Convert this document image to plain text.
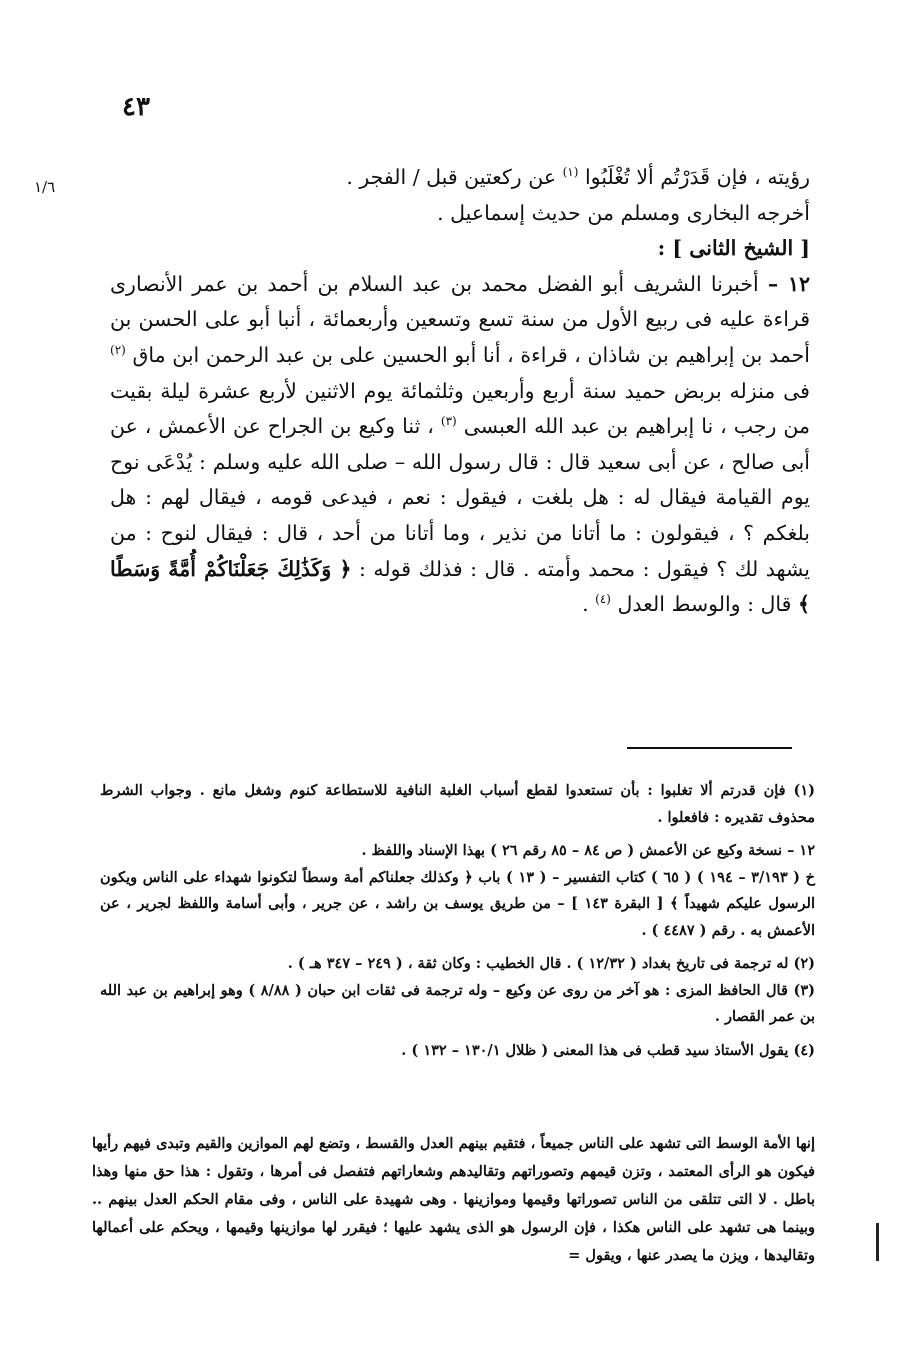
٤٣
١/٦	رؤيته ، فإن قَدَرْتُم ألا تُغْلَبُوا $^{(١)}$ عن ركعتين قبل / الفجر .

أخرجه البخارى ومسلم من حديث إسماعيل .

[ الشيخ الثانى ] :

١٢ – أخبرنا الشريف أبو الفضل محمد بن عبد السلام بن أحمد بن عمر الأنصارى قراءة عليه فى ربيع الأول من سنة تسع وتسعين وأربعمائة ، أنبا أبو على الحسن بن أحمد بن إبراهيم بن شاذان ، قراءة ، أنا أبو الحسين على بن عبد الرحمن ابن ماق $^{(٢)}$ فى منزله بربض حميد سنة أربع وأربعين وثلثمائة يوم الاثنين لأربع عشرة ليلة بقيت من رجب ، نا إبراهيم بن عبد الله العبسى $^{(٣)}$ ، ثنا وكيع بن الجراح عن الأعمش ، عن أبى صالح ، عن أبى سعيد قال : قال رسول الله – صلى الله عليه وسلم : يُدْعَى نوح يوم القيامة فيقال له : هل بلغت ، فيقول : نعم ، فيدعى قومه ، فيقال لهم : هل بلغكم ؟ ، فيقولون : ما أتانا من نذير ، وما أتانا من أحد ، قال : فيقال لنوح : من يشهد لك ؟ فيقول : محمد وأمته . قال : فذلك قوله : ﴿ وَكَذَٰلِكَ جَعَلْنَاكُمْ أُمَّةً وَسَطًا ﴾ قال : والوسط العدل $^{(٤)}$ .

(١) فإن قدرتم ألا تغلبوا : بأن تستعدوا لقطع أسباب الغلبة النافية للاستطاعة كنوم وشغل مانع . وجواب الشرط محذوف تقديره : فافعلوا .

١٢ – نسخة وكيع عن الأعمش ( ص ٨٤ – ٨٥ رقم ٢٦ ) بهذا الإسناد واللفظ .

خ ( ٣/١٩٣ – ١٩٤ ) ( ٦٥ ) كتاب التفسير – ( ١٣ ) باب ﴿ وكذلك جعلناكم أمة وسطاً لتكونوا شهداء على الناس ويكون الرسول عليكم شهيداً ﴾ [ البقرة ١٤٣ ] – من طريق يوسف بن راشد ، عن جرير ، وأبى أسامة واللفظ لجرير ، عن الأعمش به . رقم ( ٤٤٨٧ ) .

(٢) له ترجمة فى تاريخ بغداد ( ١٢/٣٢ ) . قال الخطيب : وكان ثقة ، ( ٢٤٩ – ٣٤٧ هـ ) .

(٣) قال الحافظ المزى : هو آخر من روى عن وكيع – وله ترجمة فى ثقات ابن حبان ( ٨/٨٨ ) وهو إبراهيم بن عبد الله بن عمر القصار .

(٤) يقول الأستاذ سيد قطب فى هذا المعنى ( ظلال ١٣٠/١ – ١٣٢ ) .

إنها الأمة الوسط التى تشهد على الناس جميعاً ، فتقيم بينهم العدل والقسط ، وتضع لهم الموازين والقيم وتبدى فيهم رأيها فيكون هو الرأى المعتمد ، وتزن قيمهم وتصوراتهم وتقاليدهم وشعاراتهم فتفصل فى أمرها ، وتقول : هذا حق منها وهذا باطل . لا التى تتلقى من الناس تصوراتها وقيمها وموازينها . وهى شهيدة على الناس ، وفى مقام الحكم العدل بينهم .. وبينما هى تشهد على الناس هكذا ، فإن الرسول هو الذى يشهد عليها ؛ فيقرر لها موازينها وقيمها ، ويحكم على أعمالها وتقاليدها ، ويزن ما يصدر عنها ، ويقول =
